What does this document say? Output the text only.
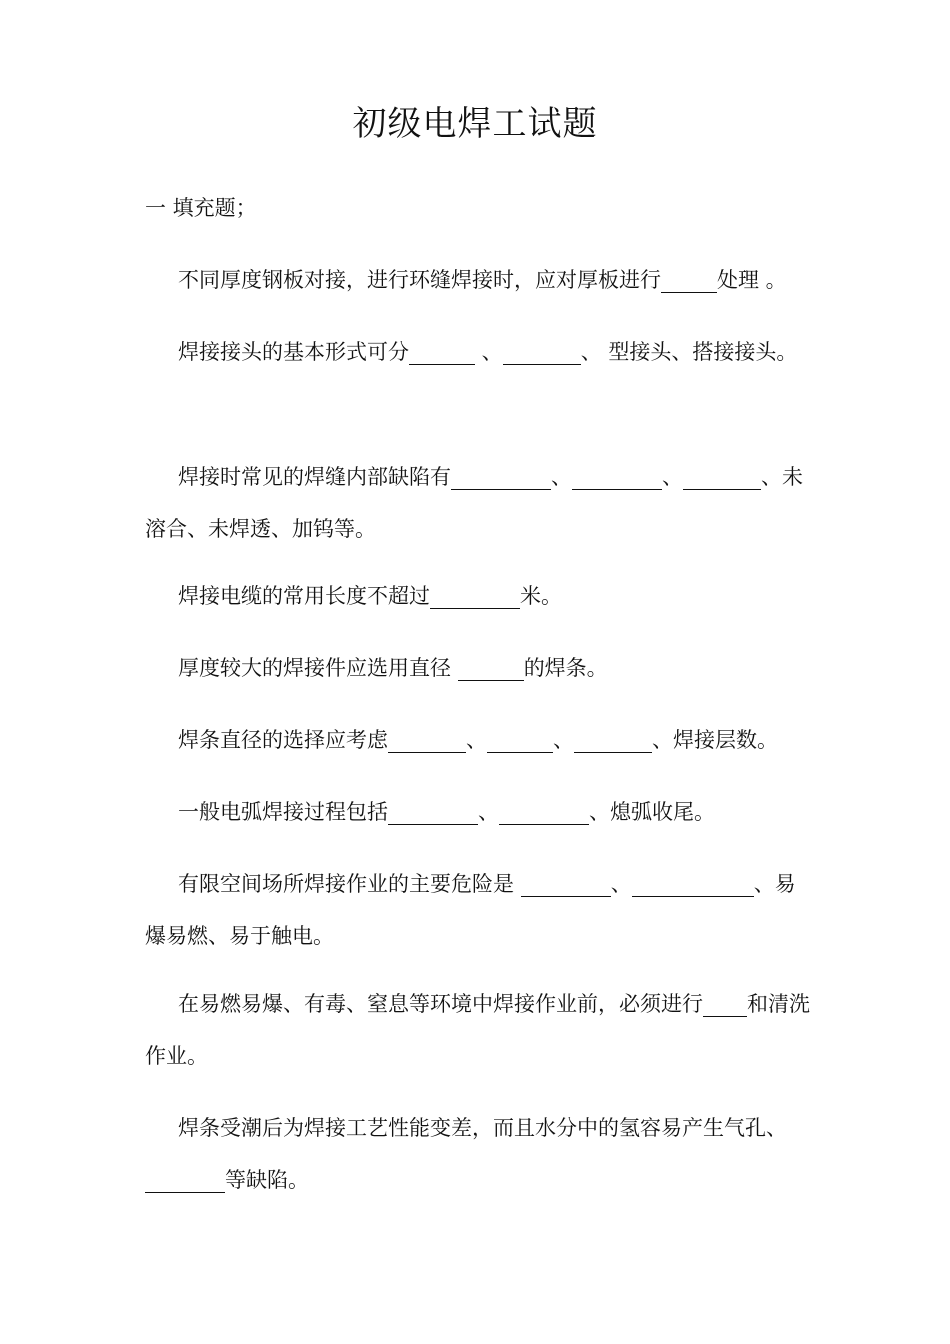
初级电焊工试题
一 填充题；
不同厚度钢板对接，进行环缝焊接时，应对厚板进行	处理 。
焊接接头的基本形式可分	、	、 型接头、搭接接头。
焊接时常见的焊缝内部缺陷有	、	、	、未溶合、未焊透、加钨等。
焊接电缆的常用长度不超过	米。
厚度较大的焊接件应选用直径	的焊条。
焊条直径的选择应考虑	、	、	、焊接层数。
一般电弧焊接过程包括	、	、熄弧收尾。
有限空间场所焊接作业的主要危险是	、	、易爆易燃、易于触电。
在易燃易爆、有毒、窒息等环境中焊接作业前，必须进行 和清洗作业。
焊条受潮后为焊接工艺性能变差，而且水分中的氢容易产生气孔、等缺陷。
